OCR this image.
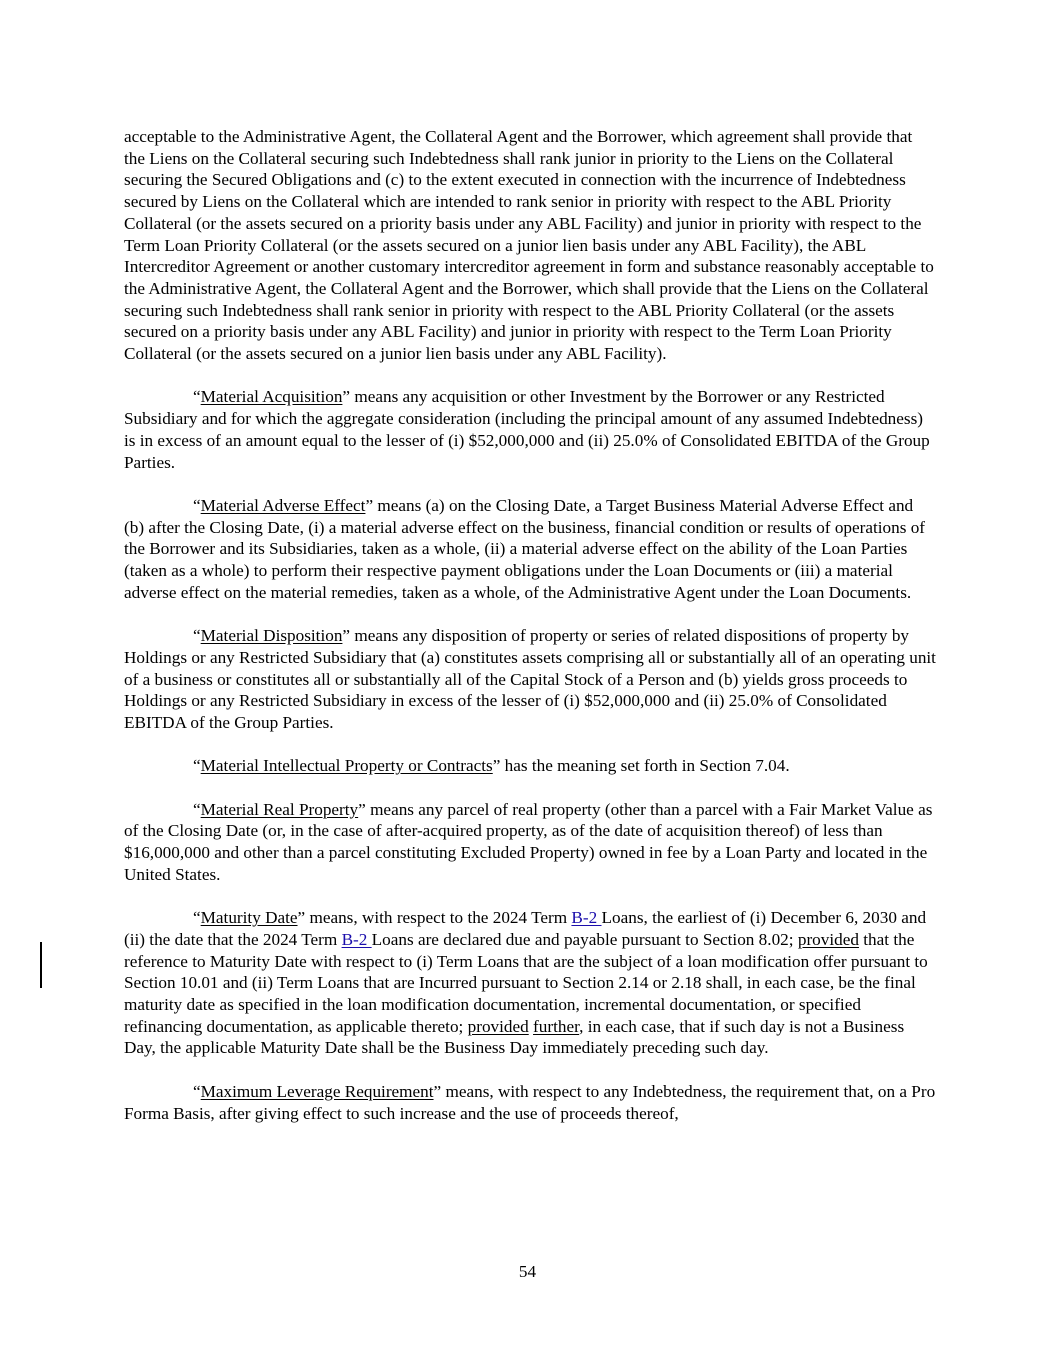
acceptable to the Administrative Agent, the Collateral Agent and the Borrower, which agreement shall provide that the Liens on the Collateral securing such Indebtedness shall rank junior in priority to the Liens on the Collateral securing the Secured Obligations and (c) to the extent executed in connection with the incurrence of Indebtedness secured by Liens on the Collateral which are intended to rank senior in priority with respect to the ABL Priority Collateral (or the assets secured on a priority basis under any ABL Facility) and junior in priority with respect to the Term Loan Priority Collateral (or the assets secured on a junior lien basis under any ABL Facility), the ABL Intercreditor Agreement or another customary intercreditor agreement in form and substance reasonably acceptable to the Administrative Agent, the Collateral Agent and the Borrower, which shall provide that the Liens on the Collateral securing such Indebtedness shall rank senior in priority with respect to the ABL Priority Collateral (or the assets secured on a priority basis under any ABL Facility) and junior in priority with respect to the Term Loan Priority Collateral (or the assets secured on a junior lien basis under any ABL Facility).

“Material Acquisition” means any acquisition or other Investment by the Borrower or any Restricted Subsidiary and for which the aggregate consideration (including the principal amount of any assumed Indebtedness) is in excess of an amount equal to the lesser of (i) $52,000,000 and (ii) 25.0% of Consolidated EBITDA of the Group Parties.

“Material Adverse Effect” means (a) on the Closing Date, a Target Business Material Adverse Effect and (b) after the Closing Date, (i) a material adverse effect on the business, financial condition or results of operations of the Borrower and its Subsidiaries, taken as a whole, (ii) a material adverse effect on the ability of the Loan Parties (taken as a whole) to perform their respective payment obligations under the Loan Documents or (iii) a material adverse effect on the material remedies, taken as a whole, of the Administrative Agent under the Loan Documents.

“Material Disposition” means any disposition of property or series of related dispositions of property by Holdings or any Restricted Subsidiary that (a) constitutes assets comprising all or substantially all of an operating unit of a business or constitutes all or substantially all of the Capital Stock of a Person and (b) yields gross proceeds to Holdings or any Restricted Subsidiary in excess of the lesser of (i) $52,000,000 and (ii) 25.0% of Consolidated EBITDA of the Group Parties.

“Material Intellectual Property or Contracts” has the meaning set forth in Section 7.04.

“Material Real Property” means any parcel of real property (other than a parcel with a Fair Market Value as of the Closing Date (or, in the case of after-acquired property, as of the date of acquisition thereof) of less than $16,000,000 and other than a parcel constituting Excluded Property) owned in fee by a Loan Party and located in the United States.

“Maturity Date” means, with respect to the 2024 Term B-2 Loans, the earliest of (i) December 6, 2030 and (ii) the date that the 2024 Term B-2 Loans are declared due and payable pursuant to Section 8.02; provided that the reference to Maturity Date with respect to (i) Term Loans that are the subject of a loan modification offer pursuant to Section 10.01 and (ii) Term Loans that are Incurred pursuant to Section 2.14 or 2.18 shall, in each case, be the final maturity date as specified in the loan modification documentation, incremental documentation, or specified refinancing documentation, as applicable thereto; provided further, in each case, that if such day is not a Business Day, the applicable Maturity Date shall be the Business Day immediately preceding such day.

“Maximum Leverage Requirement” means, with respect to any Indebtedness, the requirement that, on a Pro Forma Basis, after giving effect to such increase and the use of proceeds thereof,

54
